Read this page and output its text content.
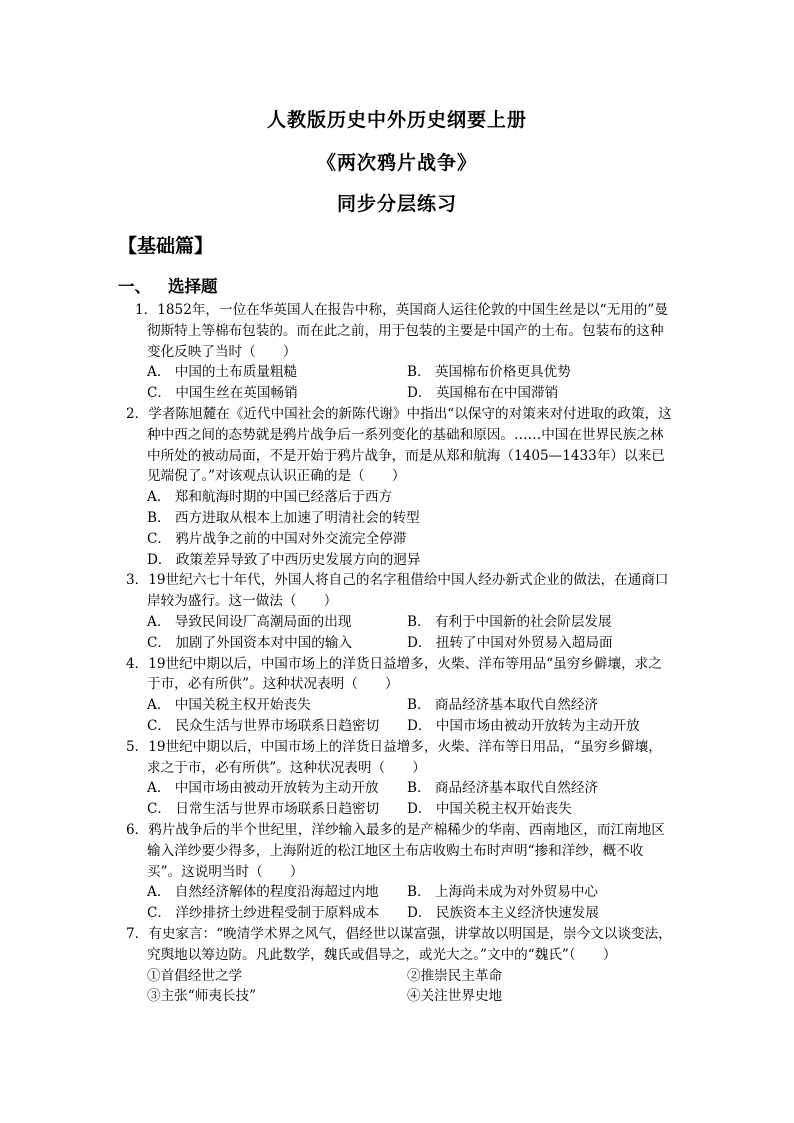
人教版历史中外历史纲要上册
《两次鸦片战争》
同步分层练习
【基础篇】
一、 选择题
1．1852年，一位在华英国人在报告中称，英国商人运往伦敦的中国生丝是以“无用的”曼彻斯特上等棉布包装的。而在此之前，用于包装的主要是中国产的土布。包装布的这种变化反映了当时（　　）
A． 中国的土布质量粗糙	B． 英国棉布价格更具优势
C． 中国生丝在英国畅销	D． 英国棉布在中国滞销
2．学者陈旭麓在《近代中国社会的新陈代谢》中指出“以保守的对策来对付进取的政策，这种中西之间的态势就是鸦片战争后一系列变化的基础和原因。……中国在世界民族之林中所处的被动局面，不是开始于鸦片战争，而是从郑和航海（1405—1433年）以来已见端倪了。”对该观点认识正确的是（　　）
A． 郑和航海时期的中国已经落后于西方
B． 西方进取从根本上加速了明清社会的转型
C． 鸦片战争之前的中国对外交流完全停滞
D． 政策差异导致了中西历史发展方向的迥异
3．19世纪六七十年代，外国人将自己的名字租借给中国人经办新式企业的做法，在通商口岸较为盛行。这一做法（　　）
A． 导致民间设厂高潮局面的出现	B． 有利于中国新的社会阶层发展
C． 加剧了外国资本对中国的输入	D． 扭转了中国对外贸易入超局面
4．19世纪中期以后，中国市场上的洋货日益增多，火柴、洋布等用品“虽穷乡僻壤，求之于市，必有所供”。这种状况表明（　　）
A． 中国关税主权开始丧失	B． 商品经济基本取代自然经济
C． 民众生活与世界市场联系日趋密切	D． 中国市场由被动开放转为主动开放
5．19世纪中期以后，中国市场上的洋货日益增多，火柴、洋布等日用品，“虽穷乡僻壤，求之于市，必有所供”。这种状况表明（　　）
A． 中国市场由被动开放转为主动开放	B． 商品经济基本取代自然经济
C． 日常生活与世界市场联系日趋密切	D． 中国关税主权开始丧失
6．鸦片战争后的半个世纪里，洋纱输入最多的是产棉稀少的华南、西南地区，而江南地区输入洋纱要少得多，上海附近的松江地区土布店收购土布时声明“掺和洋纱，概不收买”。这说明当时（　　）
A． 自然经济解体的程度沿海超过内地	B． 上海尚未成为对外贸易中心
C． 洋纱排挤土纱进程受制于原料成本	D． 民族资本主义经济快速发展
7．有史家言：“晚清学术界之风气，倡经世以谋富强，讲掌故以明国是，崇今文以谈变法，究舆地以筹边防。凡此数学，魏氏或倡导之，或光大之。”文中的“魏氏”（　　）
①首倡经世之学	②推崇民主革命
③主张“师夷长技”	④关注世界史地
